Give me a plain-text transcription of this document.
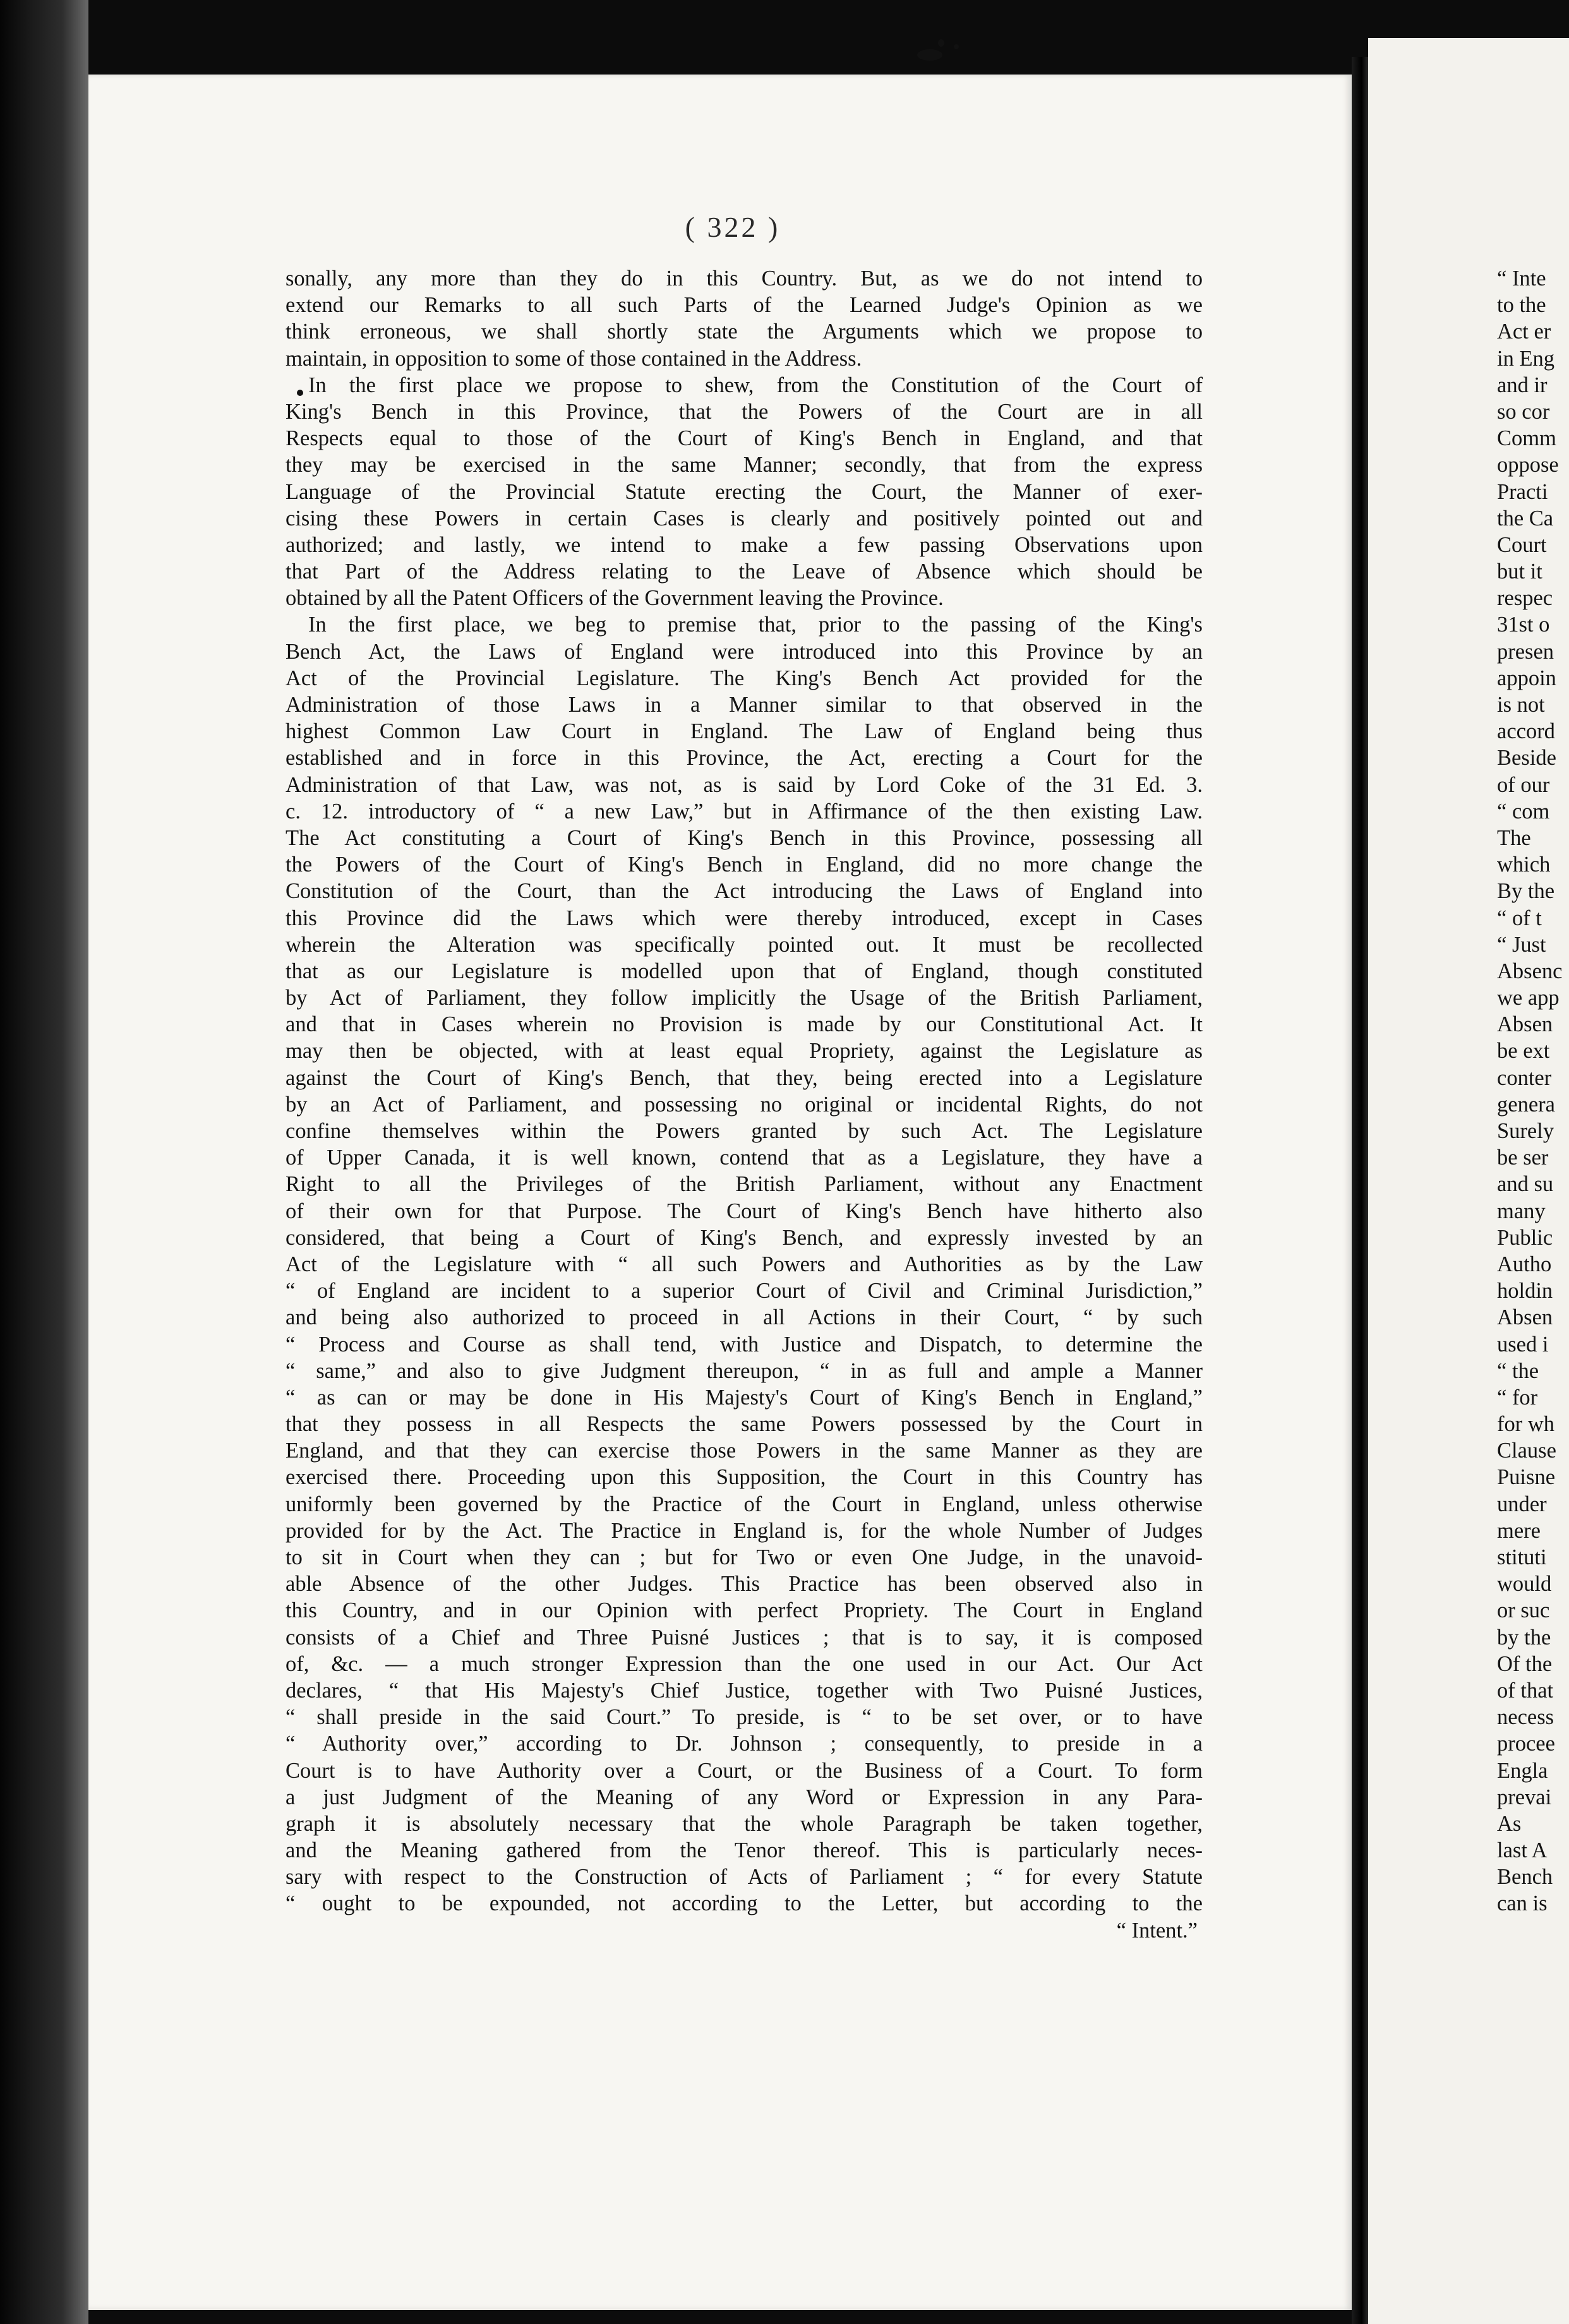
( 322 )
sonally, any more than they do in this Country. But, as we do not intend to
extend our Remarks to all such Parts of the Learned Judge's Opinion as we
think erroneous, we shall shortly state the Arguments which we propose to
maintain, in opposition to some of those contained in the Address.
In the first place we propose to shew, from the Constitution of the Court of
King's Bench in this Province, that the Powers of the Court are in all
Respects equal to those of the Court of King's Bench in England, and that
they may be exercised in the same Manner; secondly, that from the express
Language of the Provincial Statute erecting the Court, the Manner of exer-
cising these Powers in certain Cases is clearly and positively pointed out and
authorized; and lastly, we intend to make a few passing Observations upon
that Part of the Address relating to the Leave of Absence which should be
obtained by all the Patent Officers of the Government leaving the Province.
In the first place, we beg to premise that, prior to the passing of the King's
Bench Act, the Laws of England were introduced into this Province by an
Act of the Provincial Legislature. The King's Bench Act provided for the
Administration of those Laws in a Manner similar to that observed in the
highest Common Law Court in England. The Law of England being thus
established and in force in this Province, the Act, erecting a Court for the
Administration of that Law, was not, as is said by Lord Coke of the 31 Ed. 3.
c. 12. introductory of “ a new Law,” but in Affirmance of the then existing Law.
The Act constituting a Court of King's Bench in this Province, possessing all
the Powers of the Court of King's Bench in England, did no more change the
Constitution of the Court, than the Act introducing the Laws of England into
this Province did the Laws which were thereby introduced, except in Cases
wherein the Alteration was specifically pointed out. It must be recollected
that as our Legislature is modelled upon that of England, though constituted
by Act of Parliament, they follow implicitly the Usage of the British Parliament,
and that in Cases wherein no Provision is made by our Constitutional Act. It
may then be objected, with at least equal Propriety, against the Legislature as
against the Court of King's Bench, that they, being erected into a Legislature
by an Act of Parliament, and possessing no original or incidental Rights, do not
confine themselves within the Powers granted by such Act. The Legislature
of Upper Canada, it is well known, contend that as a Legislature, they have a
Right to all the Privileges of the British Parliament, without any Enactment
of their own for that Purpose. The Court of King's Bench have hitherto also
considered, that being a Court of King's Bench, and expressly invested by an
Act of the Legislature with “ all such Powers and Authorities as by the Law
“ of England are incident to a superior Court of Civil and Criminal Jurisdiction,”
and being also authorized to proceed in all Actions in their Court, “ by such
“ Process and Course as shall tend, with Justice and Dispatch, to determine the
“ same,” and also to give Judgment thereupon, “ in as full and ample a Manner
“ as can or may be done in His Majesty's Court of King's Bench in England,”
that they possess in all Respects the same Powers possessed by the Court in
England, and that they can exercise those Powers in the same Manner as they are
exercised there. Proceeding upon this Supposition, the Court in this Country has
uniformly been governed by the Practice of the Court in England, unless otherwise
provided for by the Act. The Practice in England is, for the whole Number of Judges
to sit in Court when they can ; but for Two or even One Judge, in the unavoid-
able Absence of the other Judges. This Practice has been observed also in
this Country, and in our Opinion with perfect Propriety. The Court in England
consists of a Chief and Three Puisné Justices ; that is to say, it is composed
of, &c. — a much stronger Expression than the one used in our Act. Our Act
declares, “ that His Majesty's Chief Justice, together with Two Puisné Justices,
“ shall preside in the said Court.” To preside, is “ to be set over, or to have
“ Authority over,” according to Dr. Johnson ; consequently, to preside in a
Court is to have Authority over a Court, or the Business of a Court. To form
a just Judgment of the Meaning of any Word or Expression in any Para-
graph it is absolutely necessary that the whole Paragraph be taken together,
and the Meaning gathered from the Tenor thereof. This is particularly neces-
sary with respect to the Construction of Acts of Parliament ; “ for every Statute
“ ought to be expounded, not according to the Letter, but according to the
“ Intent.”
“ Inte
to the
Act er
in Eng
and ir
so cor
Comm
oppose
Practi
the Ca
Court
but it
respec
31st o
presen
appoin
is not
accord
Beside
of our
“ com
The
which
By the
“ of t
“ Just
Absenc
we app
Absen
be ext
conter
genera
Surely
be ser
and su
many
Public
Autho
holdin
Absen
used i
“ the
“ for
for wh
Clause
Puisne
under
mere
stituti
would
or suc
by the
Of the
of that
necess
procee
Engla
prevai
As
last A
Bench
can is
